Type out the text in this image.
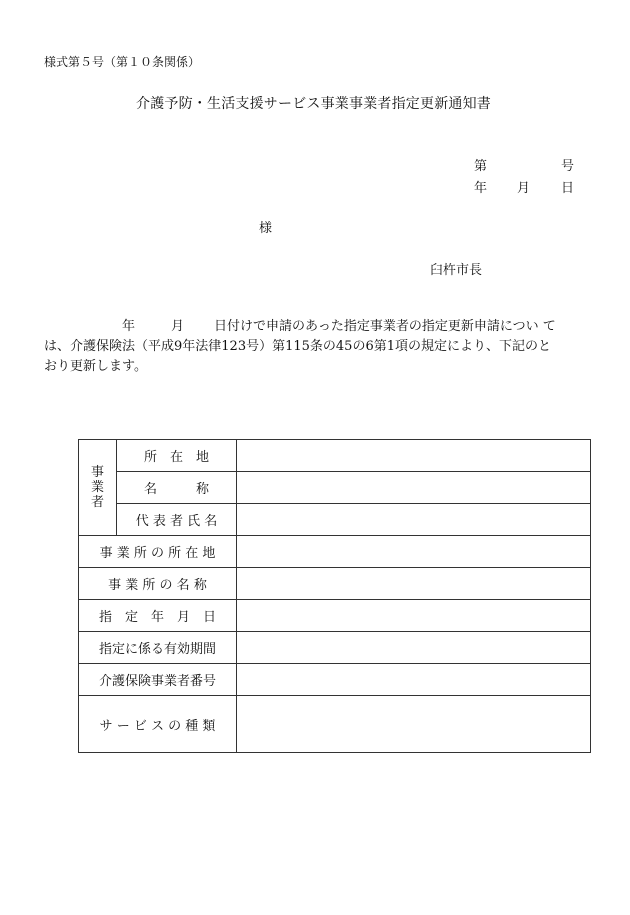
様式第５号（第１０条関係）
介護予防・生活支援サービス事業事業者指定更新通知書
第	号
年 月 日
様
臼杵市長
年	月 日付けで申請のあった指定事業者の指定更新申請につい て
は、介護保険法（平成9年法律123号）第115条の45の6第1項の規定により、下記のと
おり更新します。
事
業
者	所　在　地	
	名　　　称	
	代 表 者 氏 名	
事 業 所 の 所 在 地		
事 業 所 の 名 称		
指　定　年　月　日		
指定に係る有効期間		
介護保険事業者番号		
サ ー ビ ス の 種 類		
